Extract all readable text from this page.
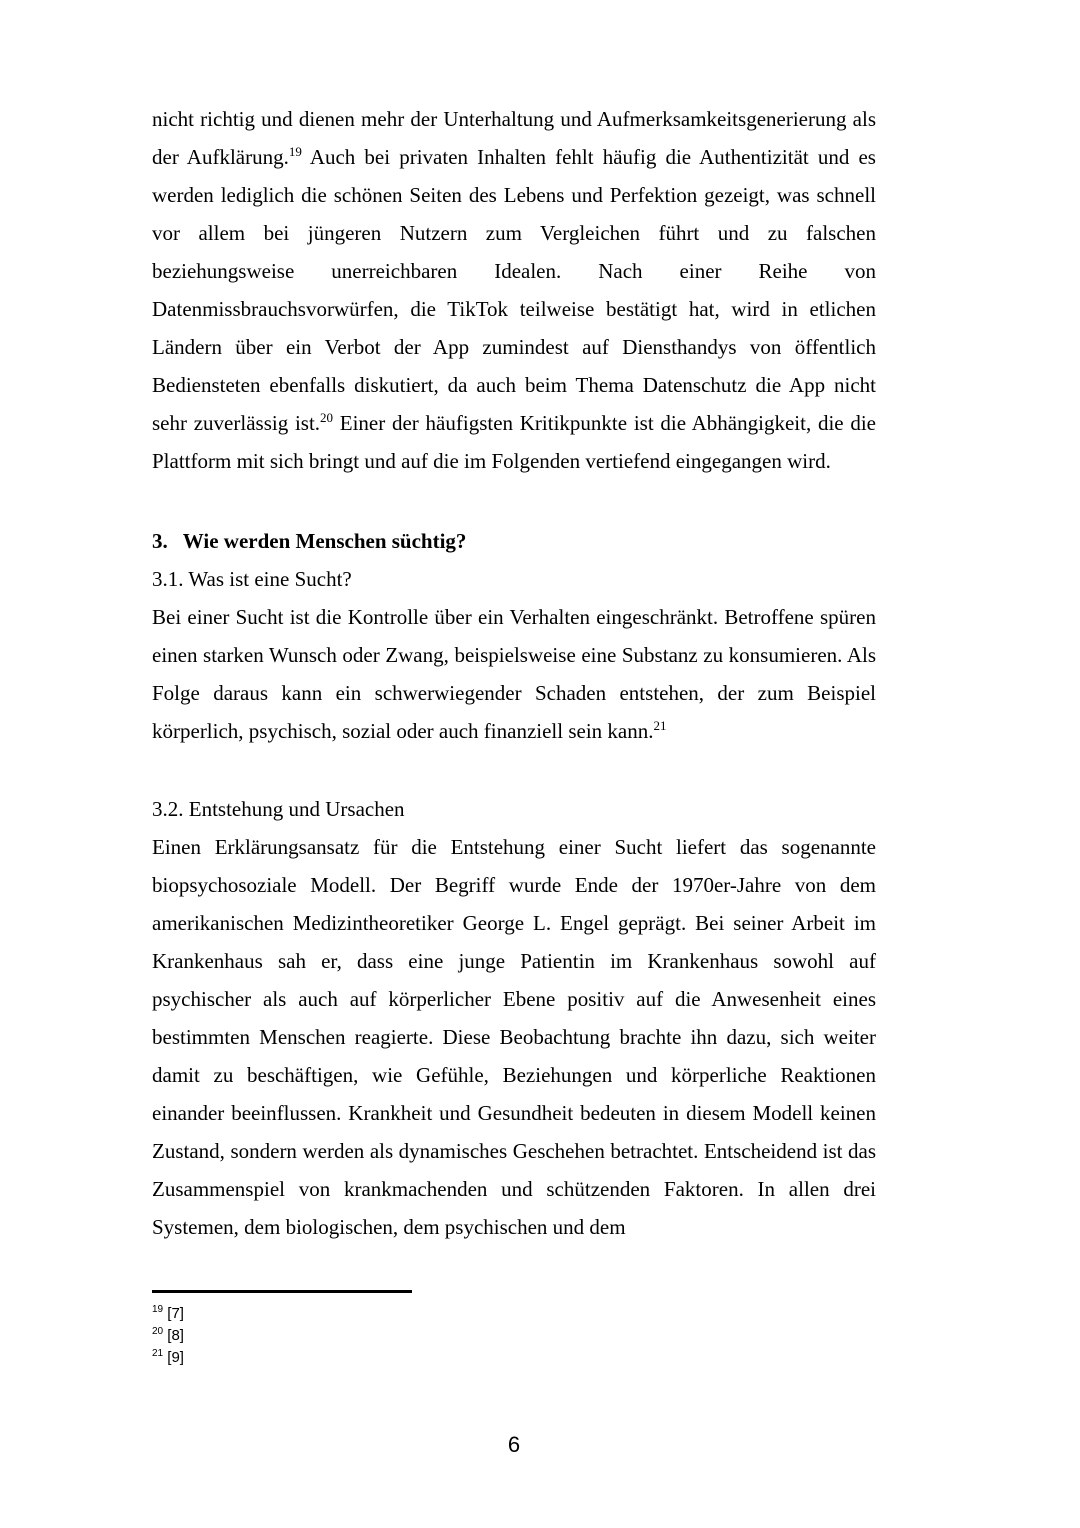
nicht richtig und dienen mehr der Unterhaltung und Aufmerksamkeitsgenerierung als der Aufklärung.$^{19}$ Auch bei privaten Inhalten fehlt häufig die Authentizität und es werden lediglich die schönen Seiten des Lebens und Perfektion gezeigt, was schnell vor allem bei jüngeren Nutzern zum Vergleichen führt und zu falschen beziehungsweise unerreichbaren Idealen. Nach einer Reihe von Datenmissbrauchsvorwürfen, die TikTok teilweise bestätigt hat, wird in etlichen Ländern über ein Verbot der App zumindest auf Diensthandys von öffentlich Bediensteten ebenfalls diskutiert, da auch beim Thema Datenschutz die App nicht sehr zuverlässig ist.$^{20}$ Einer der häufigsten Kritikpunkte ist die Abhängigkeit, die die Plattform mit sich bringt und auf die im Folgenden vertiefend eingegangen wird.

3. Wie werden Menschen süchtig?

3.1. Was ist eine Sucht?

Bei einer Sucht ist die Kontrolle über ein Verhalten eingeschränkt. Betroffene spüren einen starken Wunsch oder Zwang, beispielsweise eine Substanz zu konsumieren. Als Folge daraus kann ein schwerwiegender Schaden entstehen, der zum Beispiel körperlich, psychisch, sozial oder auch finanziell sein kann.$^{21}$

3.2. Entstehung und Ursachen

Einen Erklärungsansatz für die Entstehung einer Sucht liefert das sogenannte biopsychosoziale Modell. Der Begriff wurde Ende der 1970er-Jahre von dem amerikanischen Medizintheoretiker George L. Engel geprägt. Bei seiner Arbeit im Krankenhaus sah er, dass eine junge Patientin im Krankenhaus sowohl auf psychischer als auch auf körperlicher Ebene positiv auf die Anwesenheit eines bestimmten Menschen reagierte. Diese Beobachtung brachte ihn dazu, sich weiter damit zu beschäftigen, wie Gefühle, Beziehungen und körperliche Reaktionen einander beeinflussen. Krankheit und Gesundheit bedeuten in diesem Modell keinen Zustand, sondern werden als dynamisches Geschehen betrachtet. Entscheidend ist das Zusammenspiel von krankmachenden und schützenden Faktoren. In allen drei Systemen, dem biologischen, dem psychischen und dem

$^{19}$ [7]
$^{20}$ [8]
$^{21}$ [9]
6
